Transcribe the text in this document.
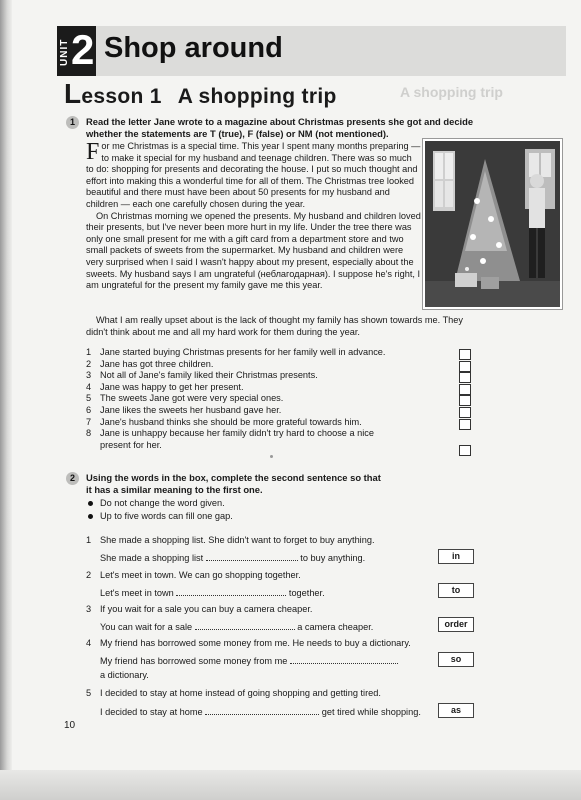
UNIT 2 Shop around
Lesson 1 A shopping trip	A shopping trip
1	Read the letter Jane wrote to a magazine about Christmas presents she got and decide
whether the statements are T (true), F (false) or NM (not mentioned).

For me Christmas is a special time. This year I spent many months preparing — to make it special for my husband and teenage children. There was so much to do: shopping for presents and decorating the house. I put so much thought and effort into making this a wonderful time for all of them. The Christmas tree looked beautiful and there must have been about 50 presents for my husband and children — each one carefully chosen during the year.

On Christmas morning we opened the presents. My husband and children loved their presents, but I've never been more hurt in my life. Under the tree there was only one small present for me with a gift card from a department store and two small packets of sweets from the supermarket. My husband and children were very surprised when I said I wasn't happy about my present, especially about the sweets. My husband says I am ungrateful (неблагодарная). I suppose he's right, I am ungrateful for the present my family gave me this year.

What I am really upset about is the lack of thought my family has shown towards me. They didn't think about me and all my hard work for them during the year.
1 Jane started buying Christmas presents for her family well in advance.
2 Jane has got three children.
3 Not all of Jane's family liked their Christmas presents.
4 Jane was happy to get her present.
5 The sweets Jane got were very special ones.
6 Jane likes the sweets her husband gave her.
7 Jane's husband thinks she should be more grateful towards him.
8 Jane is unhappy because her family didn't try hard to choose a nice present for her.
2	Using the words in the box, complete the second sentence so that
it has a similar meaning to the first one.
Do not change the word given.
Up to five words can fill one gap.
1 She made a shopping list. She didn't want to forget to buy anything.
She made a shopping list	to buy anything.	in
2 Let's meet in town. We can go shopping together.
Let's meet in town	together.	to
3 If you wait for a sale you can buy a camera cheaper.
You can wait for a sale	a camera cheaper.	order
4 My friend has borrowed some money from me. He needs to buy a dictionary.
My friend has borrowed some money from me
a dictionary.
so
5 I decided to stay at home instead of going shopping and getting tired.
I decided to stay at home	get tired while shopping.	as
10
